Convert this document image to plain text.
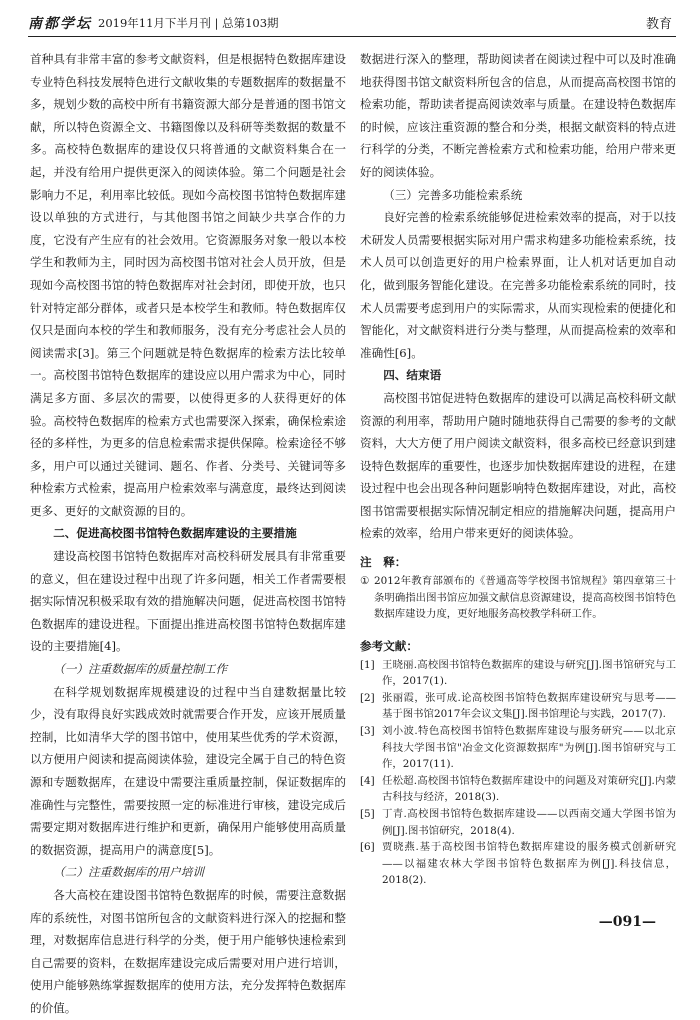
南都学坛 2019年11月下半月刊 | 总第103期	教育

首种具有非常丰富的参考文献资料，但是根据特色数据库建设专业特色科技发展特色进行文献收集的专题数据库的数据量不多，规划少数的高校中所有书籍资源大部分是普通的图书馆文献，所以特色资源全文、书籍图像以及科研等类数据的数量不多。高校特色数据库的建设仅只将普通的文献资料集合在一起，并没有给用户提供更深入的阅读体验。第二个问题是社会影响力不足，利用率比较低。现如今高校图书馆特色数据库建设以单独的方式进行，与其他图书馆之间缺少共享合作的力度，它没有产生应有的社会效用。它资源服务对象一般以本校学生和教师为主，同时因为高校图书馆对社会人员开放，但是现如今高校图书馆的特色数据库对社会封闭，即使开放，也只针对特定部分群体，或者只是本校学生和教师。特色数据库仅仅只是面向本校的学生和教师服务，没有充分考虑社会人员的阅读需求[3]。第三个问题就是特色数据库的检索方法比较单一。高校图书馆特色数据库的建设应以用户需求为中心，同时满足多方面、多层次的需要，以使得更多的人获得更好的体验。高校特色数据库的检索方式也需要深入探索，确保检索途径的多样性，为更多的信息检索需求提供保障。检索途径不够多，用户可以通过关键词、题名、作者、分类号、关键词等多种检索方式检索，提高用户检索效率与满意度，最终达到阅读更多、更好的文献资源的目的。

二、促进高校图书馆特色数据库建设的主要措施

建设高校图书馆特色数据库对高校科研发展具有非常重要的意义，但在建设过程中出现了许多问题，相关工作者需要根据实际情况积极采取有效的措施解决问题，促进高校图书馆特色数据库的建设进程。下面提出推进高校图书馆特色数据库建设的主要措施[4]。

（一）注重数据库的质量控制工作

在科学规划数据库规模建设的过程中当自建数据量比较少，没有取得良好实践成效时就需要合作开发，应该开展质量控制，比如清华大学的图书馆中，使用某些优秀的学术资源，以方便用户阅读和提高阅读体验，建设完全属于自己的特色资源和专题数据库，在建设中需要注重质量控制，保证数据库的准确性与完整性，需要按照一定的标准进行审核，建设完成后需要定期对数据库进行维护和更新，确保用户能够使用高质量的数据资源，提高用户的满意度[5]。

（二）注重数据库的用户培训

各大高校在建设图书馆特色数据库的时候，需要注意数据库的系统性，对图书馆所包含的文献资料进行深入的挖掘和整理，对数据库信息进行科学的分类，便于用户能够快速检索到自己需要的资料，在数据库建设完成后需要对用户进行培训，使用户能够熟练掌握数据库的使用方法，充分发挥特色数据库的价值。

数据进行深入的整理，帮助阅读者在阅读过程中可以及时准确地获得图书馆文献资料所包含的信息，从而提高高校图书馆的检索功能，帮助读者提高阅读效率与质量。在建设特色数据库的时候，应该注重资源的整合和分类，根据文献资料的特点进行科学的分类，不断完善检索方式和检索功能，给用户带来更好的阅读体验。

（三）完善多功能检索系统

良好完善的检索系统能够促进检索效率的提高，对于以技术研发人员需要根据实际对用户需求构建多功能检索系统，技术人员可以创造更好的用户检索界面，让人机对话更加自动化，做到服务智能化建设。在完善多功能检索系统的同时，技术人员需要考虑到用户的实际需求，从而实现检索的便捷化和智能化，对文献资料进行分类与整理，从而提高检索的效率和准确性[6]。

四、结束语

高校图书馆促进特色数据库的建设可以满足高校科研文献资源的利用率，帮助用户随时随地获得自己需要的参考的文献资料，大大方便了用户阅读文献资料，很多高校已经意识到建设特色数据库的重要性，也逐步加快数据库建设的进程，在建设过程中也会出现各种问题影响特色数据库建设，对此，高校图书馆需要根据实际情况制定相应的措施解决问题，提高用户检索的效率，给用户带来更好的阅读体验。

注　释：
① 2012年教育部颁布的《普通高等学校图书馆规程》第四章第三十条明确指出图书馆应加强文献信息资源建设，提高高校图书馆特色数据库建设力度，更好地服务高校教学科研工作。
参考文献：
[1] 王晓丽.高校图书馆特色数据库的建设与研究[J].图书馆研究与工作，2017(1).
[2] 张丽霞，张可成.论高校图书馆特色数据库建设研究与思考——基于图书馆2017年会议文集[J].图书馆理论与实践，2017(7).
[3] 刘小波.特色高校图书馆特色数据库建设与服务研究——以北京科技大学图书馆"冶金文化资源数据库"为例[J].图书馆研究与工作，2017(11).
[4] 任松超.高校图书馆特色数据库建设中的问题及对策研究[J].内蒙古科技与经济，2018(3).
[5] 丁青.高校图书馆特色数据库建设——以西南交通大学图书馆为例[J].图书馆研究，2018(4).
[6] 贾晓燕.基于高校图书馆特色数据库建设的服务模式创新研究——以福建农林大学图书馆特色数据库为例[J].科技信息，2018(2).
—091—
